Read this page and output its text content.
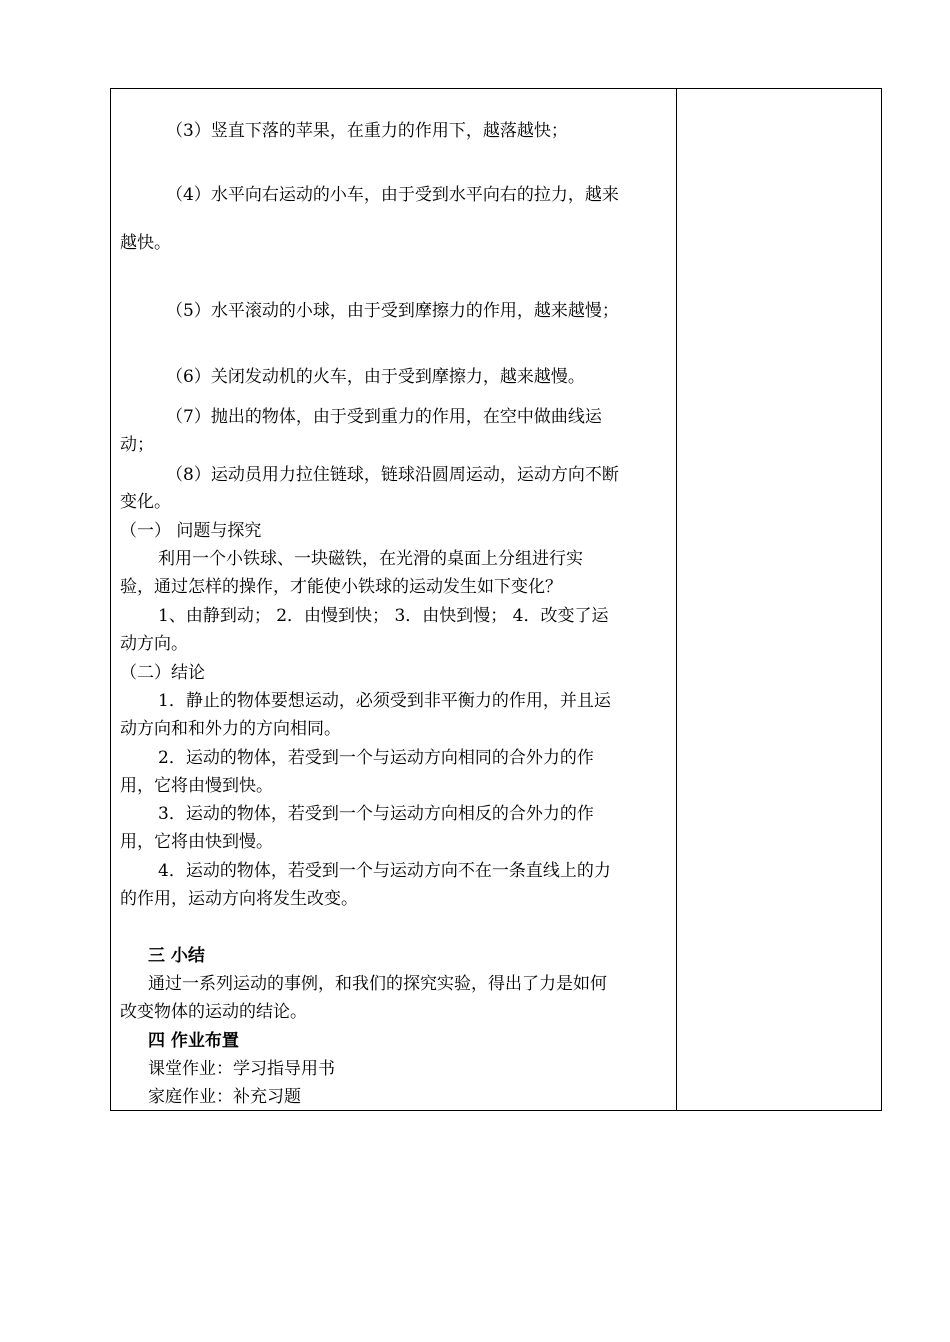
（3）竖直下落的苹果，在重力的作用下，越落越快；
（4）水平向右运动的小车，由于受到水平向右的拉力，越来
越快。
（5）水平滚动的小球，由于受到摩擦力的作用，越来越慢；
（6）关闭发动机的火车，由于受到摩擦力，越来越慢。
（7）抛出的物体，由于受到重力的作用，在空中做曲线运
动；
（8）运动员用力拉住链球，链球沿圆周运动，运动方向不断
变化。
（一） 问题与探究
利用一个小铁球、一块磁铁，在光滑的桌面上分组进行实
验，通过怎样的操作，才能使小铁球的运动发生如下变化？
1、由静到动； 2．由慢到快； 3．由快到慢； 4．改变了运
动方向。
（二）结论
1．静止的物体要想运动，必须受到非平衡力的作用，并且运
动方向和和外力的方向相同。
2．运动的物体，若受到一个与运动方向相同的合外力的作
用，它将由慢到快。
3．运动的物体，若受到一个与运动方向相反的合外力的作
用，它将由快到慢。
4．运动的物体，若受到一个与运动方向不在一条直线上的力
的作用，运动方向将发生改变。
三 小结
通过一系列运动的事例，和我们的探究实验，得出了力是如何
改变物体的运动的结论。
四 作业布置
课堂作业：学习指导用书
家庭作业：补充习题
